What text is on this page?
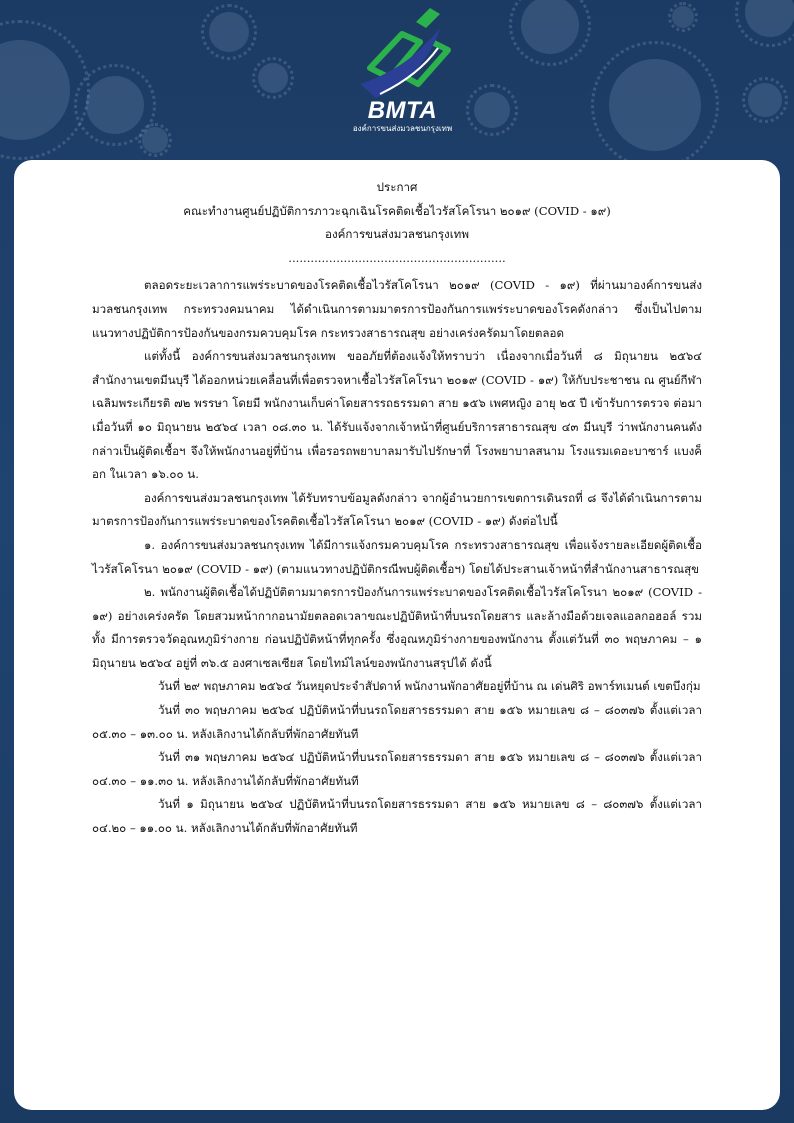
BMTA
องค์การขนส่งมวลชนกรุงเทพ
ประกาศ
คณะทำงานศูนย์ปฏิบัติการภาวะฉุกเฉินโรคติดเชื้อไวรัสโคโรนา ๒๐๑๙ (COVID - ๑๙)
องค์การขนส่งมวลชนกรุงเทพ
...........................................................

ตลอดระยะเวลาการแพร่ระบาดของโรคติดเชื้อไวรัสโคโรนา ๒๐๑๙ (COVID - ๑๙) ที่ผ่านมาองค์การขนส่งมวลชนกรุงเทพ กระทรวงคมนาคม ได้ดำเนินการตามมาตรการป้องกันการแพร่ระบาดของโรคดังกล่าว ซึ่งเป็นไปตามแนวทางปฏิบัติการป้องกันของกรมควบคุมโรค กระทรวงสาธารณสุข อย่างเคร่งครัดมาโดยตลอด

แต่ทั้งนี้ องค์การขนส่งมวลชนกรุงเทพ ขออภัยที่ต้องแจ้งให้ทราบว่า เนื่องจากเมื่อวันที่ ๘ มิถุนายน ๒๕๖๔ สำนักงานเขตมีนบุรี ได้ออกหน่วยเคลื่อนที่เพื่อตรวจหาเชื้อไวรัสโคโรนา ๒๐๑๙ (COVID - ๑๙) ให้กับประชาชน ณ ศูนย์กีฬาเฉลิมพระเกียรติ ๗๒ พรรษา โดยมี พนักงานเก็บค่าโดยสารรถธรรมดา สาย ๑๕๖ เพศหญิง อายุ ๒๕ ปี เข้ารับการตรวจ ต่อมาเมื่อวันที่ ๑๐ มิถุนายน ๒๕๖๔ เวลา ๐๘.๓๐ น. ได้รับแจ้งจากเจ้าหน้าที่ศูนย์บริการสาธารณสุข ๔๓ มีนบุรี ว่าพนักงานคนดังกล่าวเป็นผู้ติดเชื้อฯ จึงให้พนักงานอยู่ที่บ้าน เพื่อรอรถพยาบาลมารับไปรักษาที่ โรงพยาบาลสนาม โรงแรมเดอะบาซาร์ แบงค็อก ในเวลา ๑๖.๐๐ น.

องค์การขนส่งมวลชนกรุงเทพ ได้รับทราบข้อมูลดังกล่าว จากผู้อำนวยการเขตการเดินรถที่ ๘ จึงได้ดำเนินการตามมาตรการป้องกันการแพร่ระบาดของโรคติดเชื้อไวรัสโคโรนา ๒๐๑๙ (COVID - ๑๙) ดังต่อไปนี้

๑. องค์การขนส่งมวลชนกรุงเทพ ได้มีการแจ้งกรมควบคุมโรค กระทรวงสาธารณสุข เพื่อแจ้งรายละเอียดผู้ติดเชื้อไวรัสโคโรนา ๒๐๑๙ (COVID - ๑๙) (ตามแนวทางปฏิบัติกรณีพบผู้ติดเชื้อฯ) โดยได้ประสานเจ้าหน้าที่สำนักงานสาธารณสุข

๒. พนักงานผู้ติดเชื้อได้ปฏิบัติตามมาตรการป้องกันการแพร่ระบาดของโรคติดเชื้อไวรัสโคโรนา ๒๐๑๙ (COVID - ๑๙) อย่างเคร่งครัด โดยสวมหน้ากากอนามัยตลอดเวลาขณะปฏิบัติหน้าที่บนรถโดยสาร และล้างมือด้วยเจลแอลกอฮอล์ รวมทั้ง มีการตรวจวัดอุณหภูมิร่างกาย ก่อนปฏิบัติหน้าที่ทุกครั้ง ซึ่งอุณหภูมิร่างกายของพนักงาน ตั้งแต่วันที่ ๓๐ พฤษภาคม – ๑ มิถุนายน ๒๕๖๔ อยู่ที่ ๓๖.๕ องศาเซลเซียส โดยไทม์ไลน์ของพนักงานสรุปได้ ดังนี้

วันที่ ๒๙ พฤษภาคม ๒๕๖๔ วันหยุดประจำสัปดาห์ พนักงานพักอาศัยอยู่ที่บ้าน ณ เด่นศิริ อพาร์ทเมนต์ เขตบึงกุ่ม

วันที่ ๓๐ พฤษภาคม ๒๕๖๔ ปฏิบัติหน้าที่บนรถโดยสารธรรมดา สาย ๑๕๖ หมายเลข ๘ – ๘๐๓๗๖ ตั้งแต่เวลา ๐๕.๓๐ – ๑๓.๐๐ น. หลังเลิกงานได้กลับที่พักอาศัยทันที

วันที่ ๓๑ พฤษภาคม ๒๕๖๔ ปฏิบัติหน้าที่บนรถโดยสารธรรมดา สาย ๑๕๖ หมายเลข ๘ – ๘๐๓๗๖ ตั้งแต่เวลา ๐๔.๓๐ – ๑๑.๓๐ น. หลังเลิกงานได้กลับที่พักอาศัยทันที

วันที่ ๑ มิถุนายน ๒๕๖๔ ปฏิบัติหน้าที่บนรถโดยสารธรรมดา สาย ๑๕๖ หมายเลข ๘ – ๘๐๓๗๖ ตั้งแต่เวลา ๐๔.๒๐ – ๑๑.๐๐ น. หลังเลิกงานได้กลับที่พักอาศัยทันที
